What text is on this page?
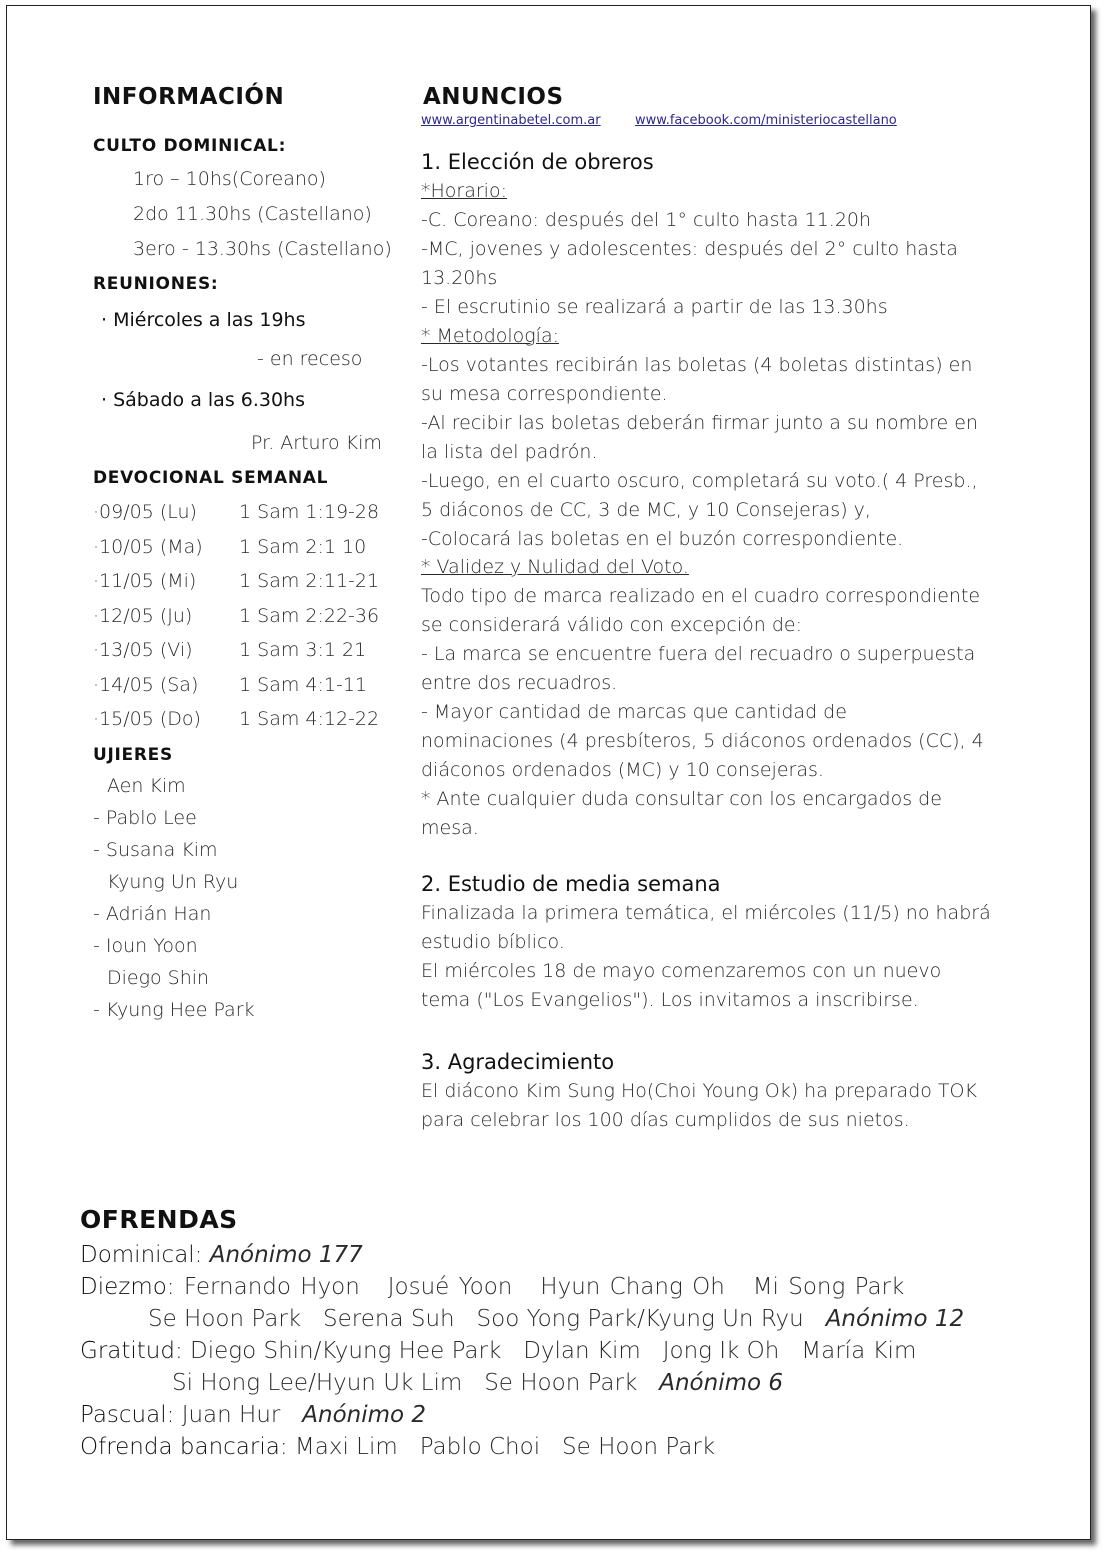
INFORMACIÓN
CULTO DOMINICAL:
1ro – 10hs(Coreano)
2do 11.30hs (Castellano)
3ero - 13.30hs (Castellano)
REUNIONES:
· Miércoles a las 19hs
- en receso
· Sábado a las 6.30hs
Pr. Arturo Kim
DEVOCIONAL SEMANAL
·09/05 (Lu) 1 Sam 1:19-28
·10/05 (Ma) 1 Sam 2:1 10
·11/05 (Mi) 1 Sam 2:11-21
·12/05 (Ju) 1 Sam 2:22-36
·13/05 (Vi) 1 Sam 3:1 21
·14/05 (Sa) 1 Sam 4:1-11
·15/05 (Do) 1 Sam 4:12-22
UJIERES
Aen Kim
- Pablo Lee
- Susana Kim
Kyung Un Ryu
- Adrián Han
- Ioun Yoon
Diego Shin
- Kyung Hee Park
ANUNCIOS
www.argentinabetel.com.ar	www.facebook.com/ministeriocastellano
1. Elección de obreros
*Horario:
-C. Coreano: después del 1° culto hasta 11.20h
-MC, jovenes y adolescentes: después del 2° culto hasta
13.20hs
- El escrutinio se realizará a partir de las 13.30hs
* Metodología:
-Los votantes recibirán las boletas (4 boletas distintas) en
su mesa correspondiente.
-Al recibir las boletas deberán firmar junto a su nombre en
la lista del padrón.
-Luego, en el cuarto oscuro, completará su voto.( 4 Presb.,
5 diáconos de CC, 3 de MC, y 10 Consejeras) y,
-Colocará las boletas en el buzón correspondiente.
* Validez y Nulidad del Voto.
Todo tipo de marca realizado en el cuadro correspondiente
se considerará válido con excepción de:
- La marca se encuentre fuera del recuadro o superpuesta
entre dos recuadros.
- Mayor cantidad de marcas que cantidad de
nominaciones (4 presbíteros, 5 diáconos ordenados (CC), 4
diáconos ordenados (MC) y 10 consejeras.
* Ante cualquier duda consultar con los encargados de
mesa.
2. Estudio de media semana
Finalizada la primera temática, el miércoles (11/5) no habrá
estudio bíblico.
El miércoles 18 de mayo comenzaremos con un nuevo
tema ("Los Evangelios"). Los invitamos a inscribirse.
3. Agradecimiento
El diácono Kim Sung Ho(Choi Young Ok) ha preparado TOK
para celebrar los 100 días cumplidos de sus nietos.
OFRENDAS
Dominical: Anónimo 177
Diezmo: Fernando Hyon   Josué Yoon   Hyun Chang Oh   Mi Song Park
Se Hoon Park   Serena Suh   Soo Yong Park/Kyung Un Ryu Anónimo 12
Gratitud: Diego Shin/Kyung Hee Park   Dylan Kim   Jong Ik Oh   María Kim
Si Hong Lee/Hyun Uk Lim   Se Hoon Park Anónimo 6
Pascual: Juan Hur Anónimo 2
Ofrenda bancaria: Maxi Lim   Pablo Choi   Se Hoon Park
